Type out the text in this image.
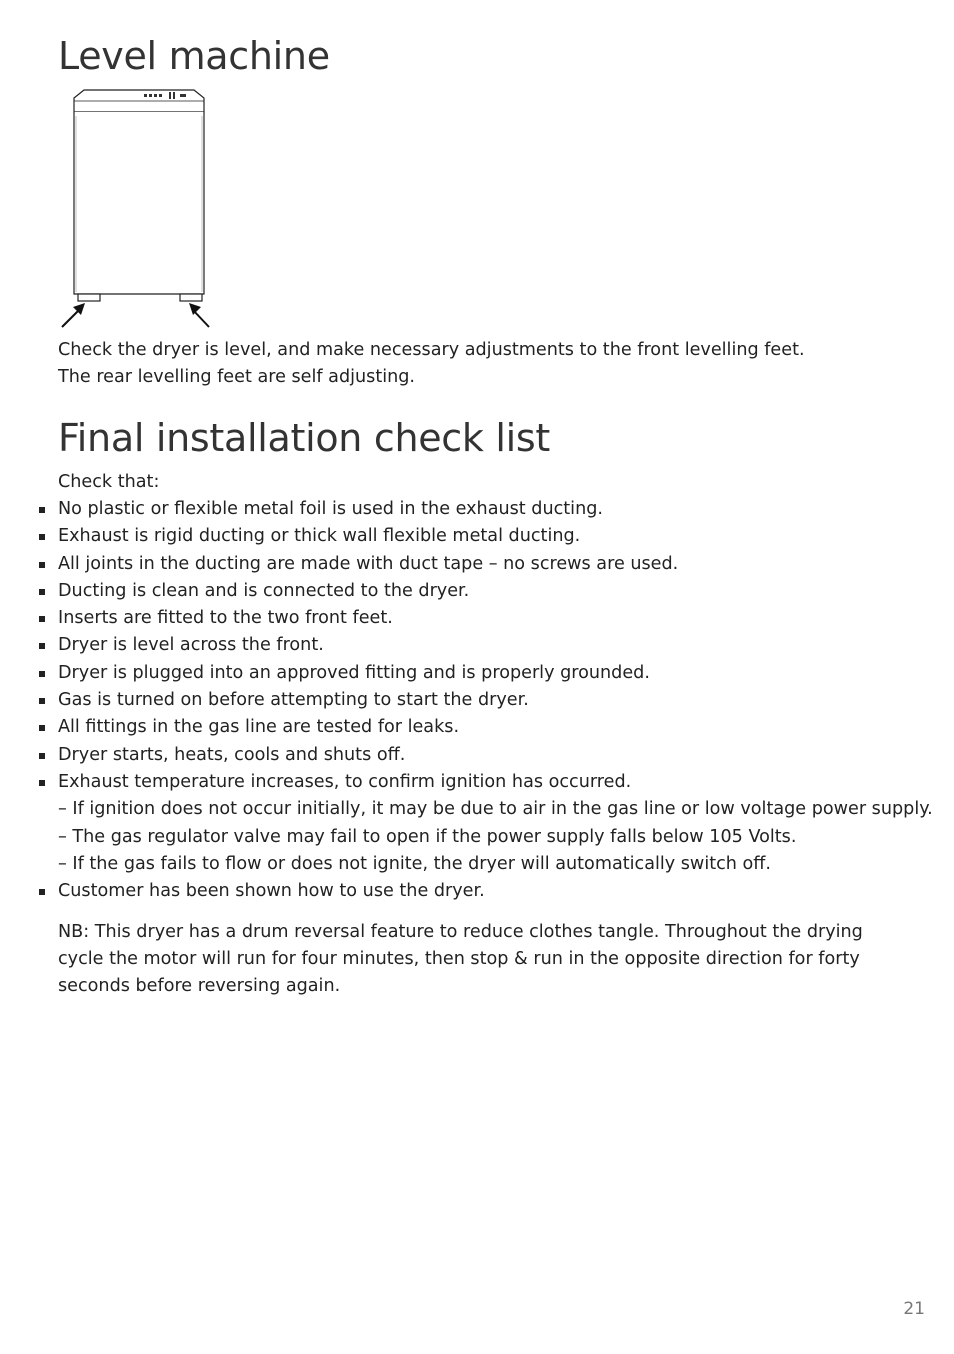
Level machine
Check the dryer is level, and make necessary adjustments to the front levelling feet.
The rear levelling feet are self adjusting.
Final installation check list
Check that:
No plastic or flexible metal foil is used in the exhaust ducting.
Exhaust is rigid ducting or thick wall flexible metal ducting.
All joints in the ducting are made with duct tape – no screws are used.
Ducting is clean and is connected to the dryer.
Inserts are fitted to the two front feet.
Dryer is level across the front.
Dryer is plugged into an approved fitting and is properly grounded.
Gas is turned on before attempting to start the dryer.
All fittings in the gas line are tested for leaks.
Dryer starts, heats, cools and shuts off.
Exhaust temperature increases, to confirm ignition has occurred.
– If ignition does not occur initially, it may be due to air in the gas line or low voltage power supply.
– The gas regulator valve may fail to open if the power supply falls below 105 Volts.
– If the gas fails to flow or does not ignite, the dryer will automatically switch off.
Customer has been shown how to use the dryer.
NB: This dryer has a drum reversal feature to reduce clothes tangle. Throughout the drying cycle the motor will run for four minutes, then stop & run in the opposite direction for forty seconds before reversing again.
21
